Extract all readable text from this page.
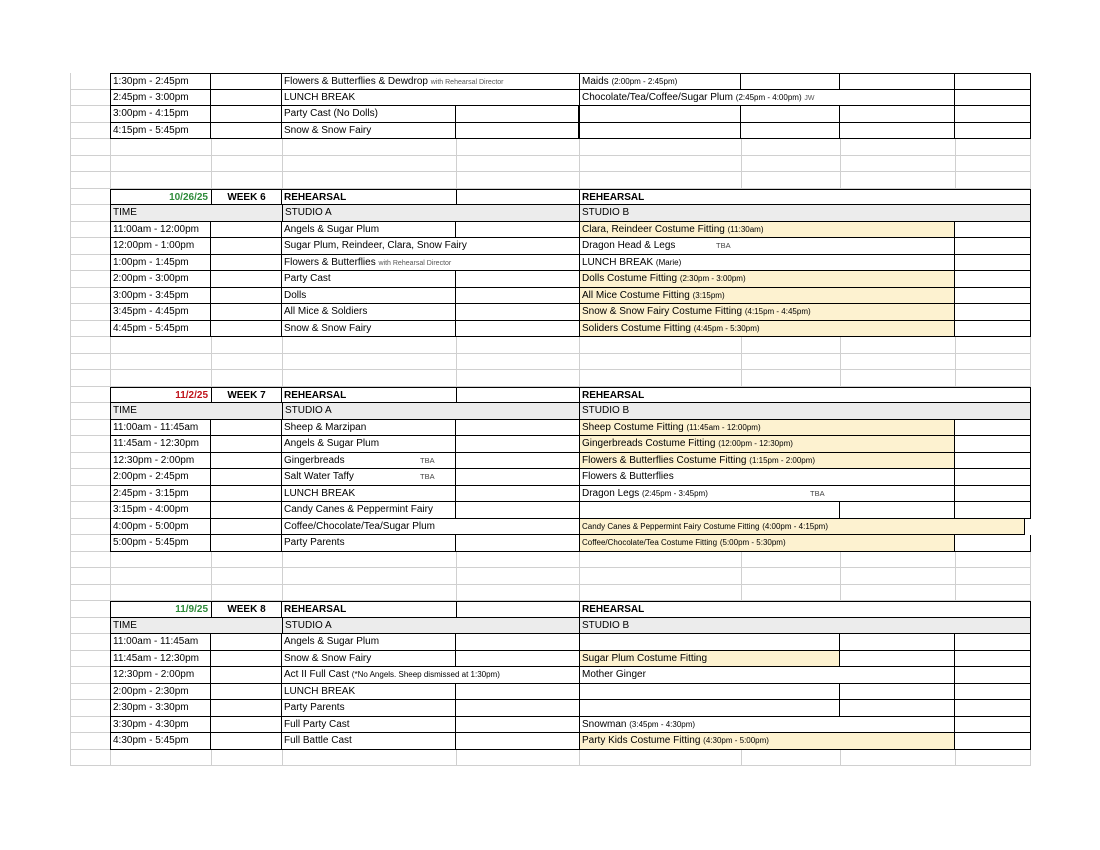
1:30pm - 2:45pm	Flowers & Butterflies & Dewdrop with Rehearsal Director	Maids (2:00pm - 2:45pm)
2:45pm - 3:00pm	LUNCH BREAK	Chocolate/Tea/Coffee/Sugar Plum (2:45pm - 4:00pm) JW
3:00pm - 4:15pm	Party Cast (No Dolls)
4:15pm - 5:45pm	Snow & Snow Fairy
10/26/25	WEEK 6	REHEARSAL	REHEARSAL
TIME	STUDIO A	STUDIO B
11:00am - 12:00pm	Angels & Sugar Plum	Clara, Reindeer Costume Fitting (11:30am)
12:00pm - 1:00pm	Sugar Plum, Reindeer, Clara, Snow Fairy	Dragon Head & Legs	TBA
1:00pm - 1:45pm	Flowers & Butterflies with Rehearsal Director	LUNCH BREAK (Marie)
2:00pm - 3:00pm	Party Cast	Dolls Costume Fitting (2:30pm - 3:00pm)
3:00pm - 3:45pm	Dolls	All Mice Costume Fitting (3:15pm)
3:45pm - 4:45pm	All Mice & Soldiers	Snow & Snow Fairy Costume Fitting (4:15pm - 4:45pm)
4:45pm - 5:45pm	Snow & Snow Fairy	Soliders Costume Fitting (4:45pm - 5:30pm)
11/2/25	WEEK 7	REHEARSAL	REHEARSAL
TIME	STUDIO A	STUDIO B
11:00am - 11:45am	Sheep & Marzipan	Sheep Costume Fitting (11:45am - 12:00pm)
11:45am - 12:30pm	Angels & Sugar Plum	Gingerbreads Costume Fitting (12:00pm - 12:30pm)
12:30pm - 2:00pm	Gingerbreads	TBA	Flowers & Butterflies Costume Fitting (1:15pm - 2:00pm)
2:00pm - 2:45pm	Salt Water Taffy	TBA	Flowers & Butterflies
2:45pm - 3:15pm	LUNCH BREAK	Dragon Legs (2:45pm - 3:45pm)	TBA
3:15pm - 4:00pm	Candy Canes & Peppermint Fairy
4:00pm - 5:00pm	Coffee/Chocolate/Tea/Sugar Plum	Candy Canes & Peppermint Fairy Costume Fitting (4:00pm - 4:15pm)
5:00pm - 5:45pm	Party Parents	Coffee/Chocolate/Tea Costume Fitting (5:00pm - 5:30pm)
11/9/25	WEEK 8	REHEARSAL	REHEARSAL
TIME	STUDIO A	STUDIO B
11:00am - 11:45am	Angels & Sugar Plum
11:45am - 12:30pm	Snow & Snow Fairy	Sugar Plum Costume Fitting
12:30pm - 2:00pm	Act II Full Cast (*No Angels. Sheep dismissed at 1:30pm)	Mother Ginger
2:00pm - 2:30pm	LUNCH BREAK
2:30pm - 3:30pm	Party Parents
3:30pm - 4:30pm	Full Party Cast	Snowman (3:45pm - 4:30pm)
4:30pm - 5:45pm	Full Battle Cast	Party Kids Costume Fitting (4:30pm - 5:00pm)
